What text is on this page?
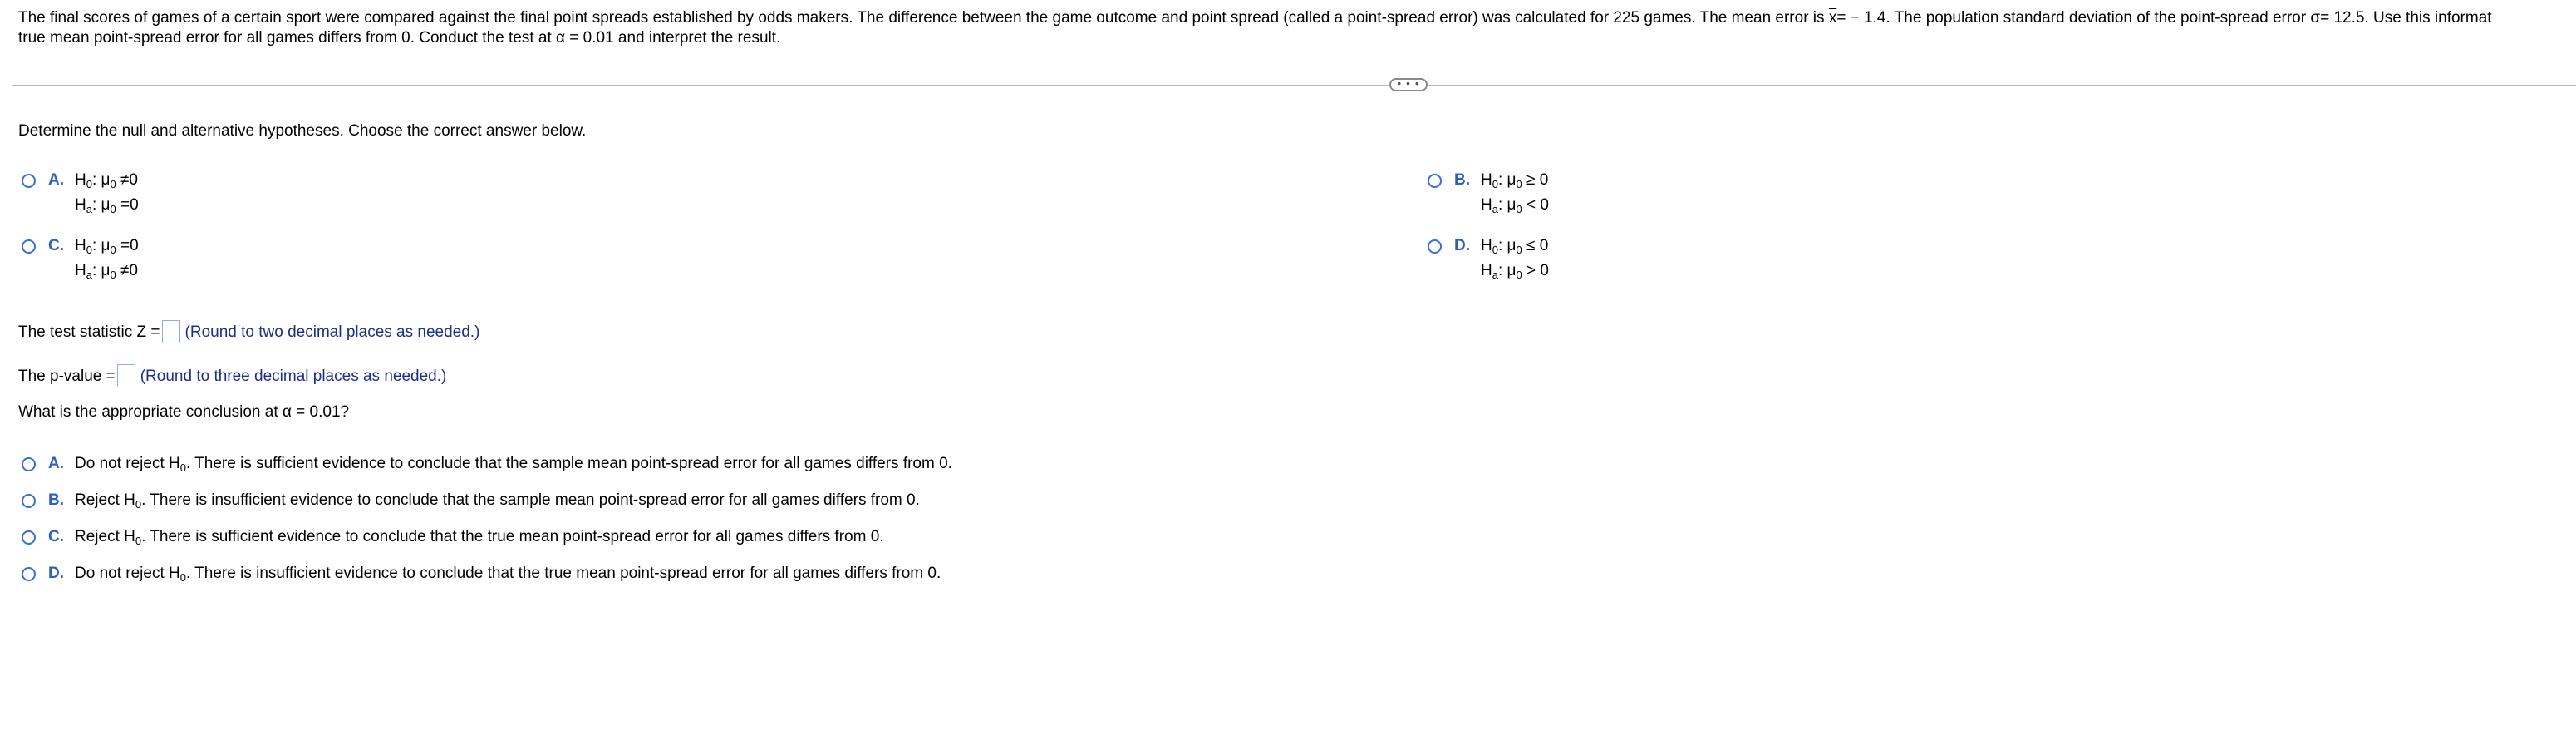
The final scores of games of a certain sport were compared against the final point spreads established by odds makers. The difference between the game outcome and point spread (called a point-spread error) was calculated for 225 games. The mean error is $\overline{x}= - 1.4$. The population standard deviation of the point-spread error σ= 12.5. Use this informat
true mean point-spread error for all games differs from 0. Conduct the test at α = 0.01 and interpret the result.
• • •
Determine the null and alternative hypotheses. Choose the correct answer below.
A. $H_0$: $\mu_0 \ne 0$
$H_a$: $\mu_0 =0$
B. $H_0$: $\mu_0 \ge 0$
$H_a$: $\mu_0 < 0$
C. $H_0$: $\mu_0 =0$
$H_a$: $\mu_0 \ne 0$
D. $H_0$: $\mu_0 \le 0$
$H_a$: $\mu_0 > 0$
The test statistic Z = (Round to two decimal places as needed.)
The p-value = (Round to three decimal places as needed.)
What is the appropriate conclusion at α = 0.01?
A. Do not reject $H_0$. There is sufficient evidence to conclude that the sample mean point-spread error for all games differs from 0.
B. Reject $H_0$. There is insufficient evidence to conclude that the sample mean point-spread error for all games differs from 0.
C. Reject $H_0$. There is sufficient evidence to conclude that the true mean point-spread error for all games differs from 0.
D. Do not reject $H_0$. There is insufficient evidence to conclude that the true mean point-spread error for all games differs from 0.
